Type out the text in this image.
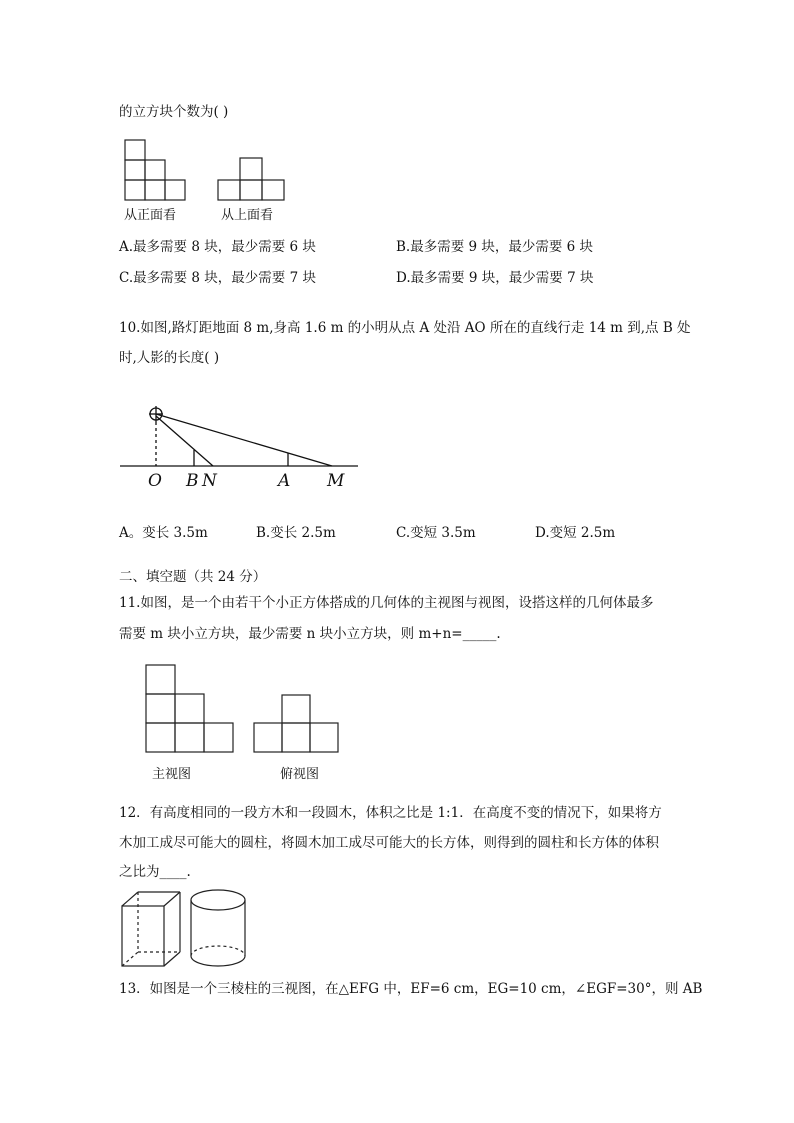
的立方块个数为( )
从正面看	从上面看
A.最多需要 8 块，最少需要 6 块	B.最多需要 9 块，最少需要 6 块
C.最多需要 8 块，最少需要 7 块	D.最多需要 9 块，最少需要 7 块
10.如图,路灯距地面 8 m,身高 1.6 m 的小明从点 A 处沿 AO 所在的直线行走 14 m 到,点 B 处
时,人影的长度( )
O B N	A M
A。变长 3.5m	B.变长 2.5m	C.变短 3.5m	D.变短 2.5m
二、填空题（共 24 分）
11.如图，是一个由若干个小正方体搭成的几何体的主视图与视图，设搭这样的几何体最多
需要 m 块小立方块，最少需要 n 块小立方块，则 m+n=_____.
主视图	俯视图
12．有高度相同的一段方木和一段圆木，体积之比是 1:1．在高度不变的情况下，如果将方
木加工成尽可能大的圆柱，将圆木加工成尽可能大的长方体，则得到的圆柱和长方体的体积
之比为____.
13．如图是一个三棱柱的三视图，在△EFG 中，EF=6 cm，EG=10 cm，∠EGF=30°，则 AB
